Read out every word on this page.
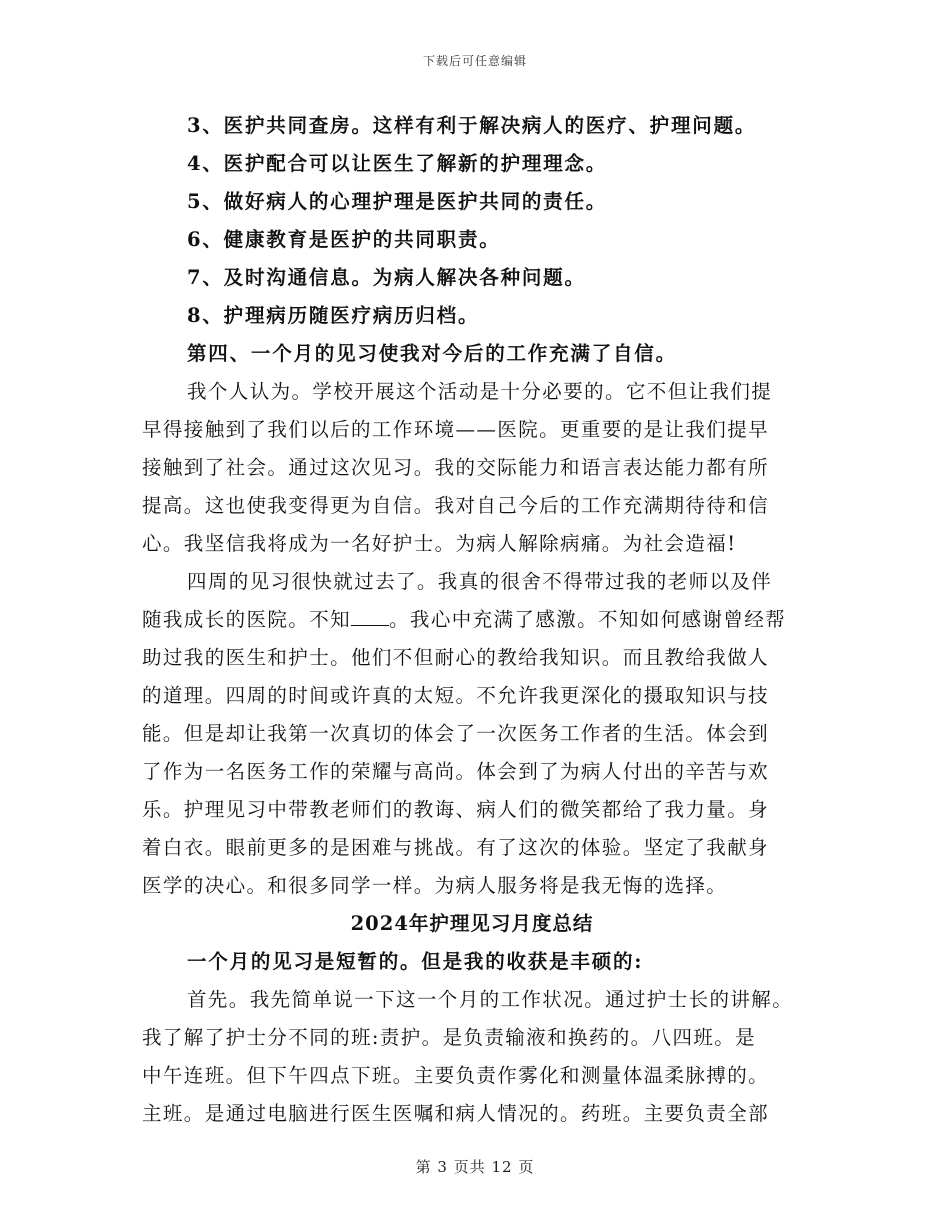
下载后可任意编辑
3、医护共同查房。这样有利于解决病人的医疗、护理问题。
4、医护配合可以让医生了解新的护理理念。
5、做好病人的心理护理是医护共同的责任。
6、健康教育是医护的共同职责。
7、及时沟通信息。为病人解决各种问题。
8、护理病历随医疗病历归档。
第四、一个月的见习使我对今后的工作充满了自信。
我个人认为。学校开展这个活动是十分必要的。它不但让我们提
早得接触到了我们以后的工作环境——医院。更重要的是让我们提早
接触到了社会。通过这次见习。我的交际能力和语言表达能力都有所
提高。这也使我变得更为自信。我对自己今后的工作充满期待待和信
心。我坚信我将成为一名好护士。为病人解除病痛。为社会造福!
四周的见习很快就过去了。我真的很舍不得带过我的老师以及伴
随我成长的医院。不知 。我心中充满了感激。不知如何感谢曾经帮
助过我的医生和护士。他们不但耐心的教给我知识。而且教给我做人
的道理。四周的时间或许真的太短。不允许我更深化的摄取知识与技
能。但是却让我第一次真切的体会了一次医务工作者的生活。体会到
了作为一名医务工作的荣耀与高尚。体会到了为病人付出的辛苦与欢
乐。护理见习中带教老师们的教诲、病人们的微笑都给了我力量。身
着白衣。眼前更多的是困难与挑战。有了这次的体验。坚定了我献身
医学的决心。和很多同学一样。为病人服务将是我无悔的选择。
2024年护理见习月度总结
一个月的见习是短暂的。但是我的收获是丰硕的:
首先。我先简单说一下这一个月的工作状况。通过护士长的讲解。
我了解了护士分不同的班:责护。是负责输液和换药的。八四班。是
中午连班。但下午四点下班。主要负责作雾化和测量体温柔脉搏的。
主班。是通过电脑进行医生医嘱和病人情况的。药班。主要负责全部
第 3 页共 12 页
